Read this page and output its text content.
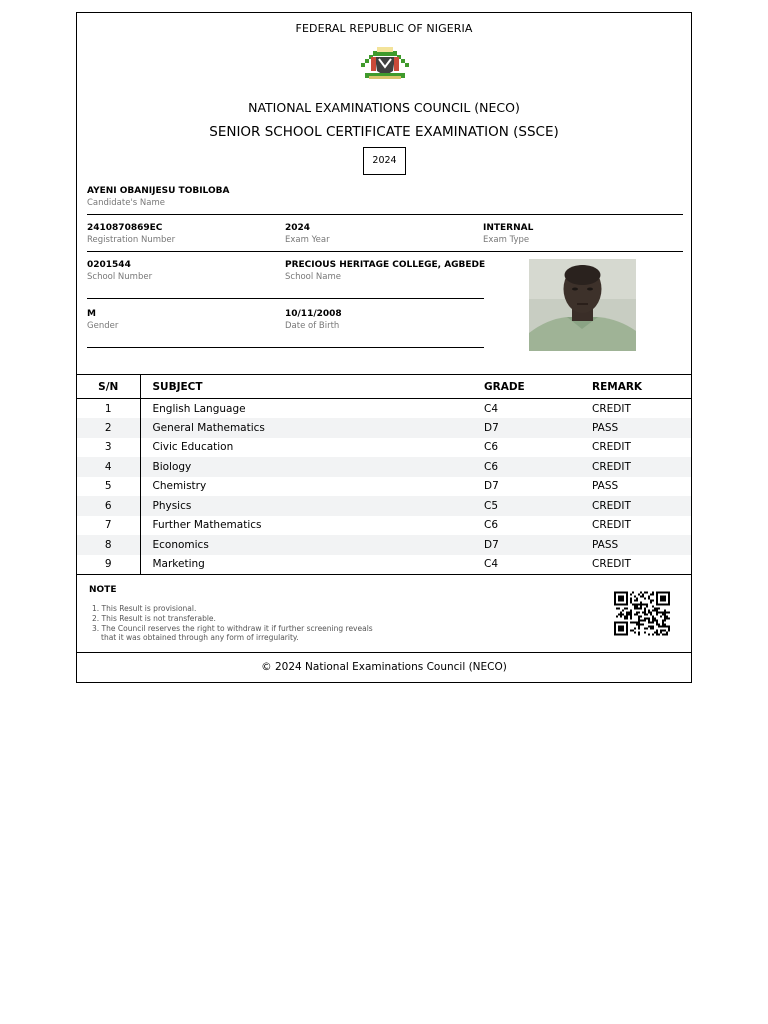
FEDERAL REPUBLIC OF NIGERIA
NATIONAL EXAMINATIONS COUNCIL (NECO)
SENIOR SCHOOL CERTIFICATE EXAMINATION (SSCE)
2024
AYENI OBANIJESU TOBILOBA
Candidate's Name
2410870869EC
Registration Number
2024
Exam Year
INTERNAL
Exam Type
0201544
School Number
PRECIOUS HERITAGE COLLEGE, AGBEDE
School Name
M
Gender
10/11/2008
Date of Birth
S/N	SUBJECT	GRADE	REMARK
1	English Language	C4	CREDIT
2	General Mathematics	D7	PASS
3	Civic Education	C6	CREDIT
4	Biology	C6	CREDIT
5	Chemistry	D7	PASS
6	Physics	C5	CREDIT
7	Further Mathematics	C6	CREDIT
8	Economics	D7	PASS
9	Marketing	C4	CREDIT
NOTE
1. This Result is provisional.
2. This Result is not transferable.
3. The Council reserves the right to withdraw it if further screening reveals
that it was obtained through any form of irregularity.
© 2024 National Examinations Council (NECO)
